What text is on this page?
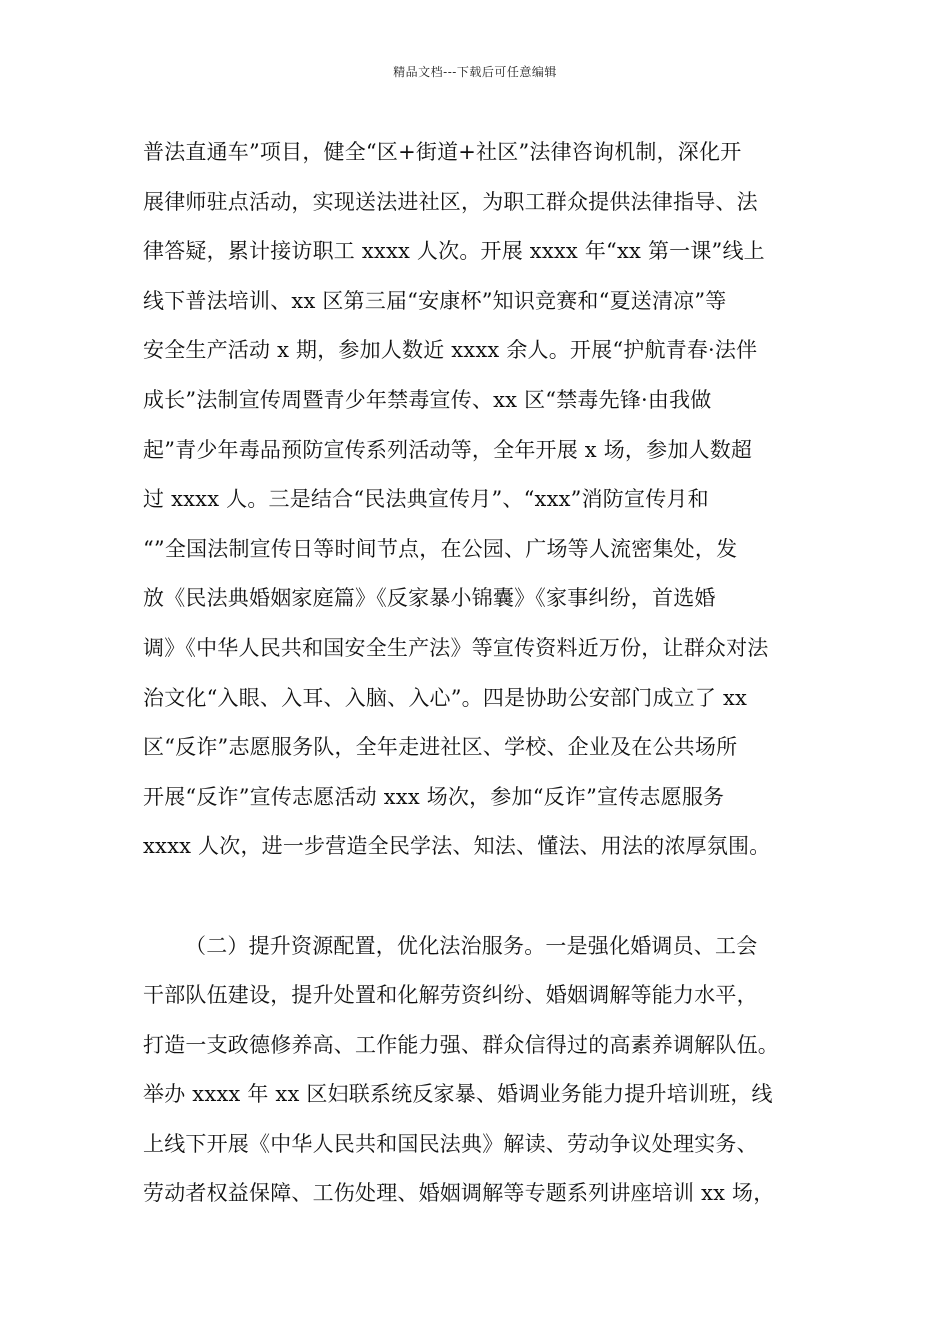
精品文档---下载后可任意编辑
普法直通车”项目，健全“区+街道+社区”法律咨询机制，深化开
展律师驻点活动，实现送法进社区，为职工群众提供法律指导、法
律答疑，累计接访职工 xxxx 人次。开展 xxxx 年“xx 第一课”线上
线下普法培训、xx 区第三届“安康杯”知识竞赛和“夏送清凉”等
安全生产活动 x 期，参加人数近 xxxx 余人。开展“护航青春·法伴
成长”法制宣传周暨青少年禁毒宣传、xx 区“禁毒先锋·由我做
起”青少年毒品预防宣传系列活动等，全年开展 x 场，参加人数超
过 xxxx 人。三是结合“民法典宣传月”、“xxx”消防宣传月和
“”全国法制宣传日等时间节点，在公园、广场等人流密集处，发
放《民法典婚姻家庭篇》《反家暴小锦囊》《家事纠纷，首选婚
调》《中华人民共和国安全生产法》等宣传资料近万份，让群众对法
治文化“入眼、入耳、入脑、入心”。四是协助公安部门成立了 xx
区“反诈”志愿服务队，全年走进社区、学校、企业及在公共场所
开展“反诈”宣传志愿活动 xxx 场次，参加“反诈”宣传志愿服务
xxxx 人次，进一步营造全民学法、知法、懂法、用法的浓厚氛围。
（二）提升资源配置，优化法治服务。一是强化婚调员、工会
干部队伍建设，提升处置和化解劳资纠纷、婚姻调解等能力水平，
打造一支政德修养高、工作能力强、群众信得过的高素养调解队伍。
举办 xxxx 年 xx 区妇联系统反家暴、婚调业务能力提升培训班，线
上线下开展《中华人民共和国民法典》解读、劳动争议处理实务、
劳动者权益保障、工伤处理、婚姻调解等专题系列讲座培训 xx 场，
